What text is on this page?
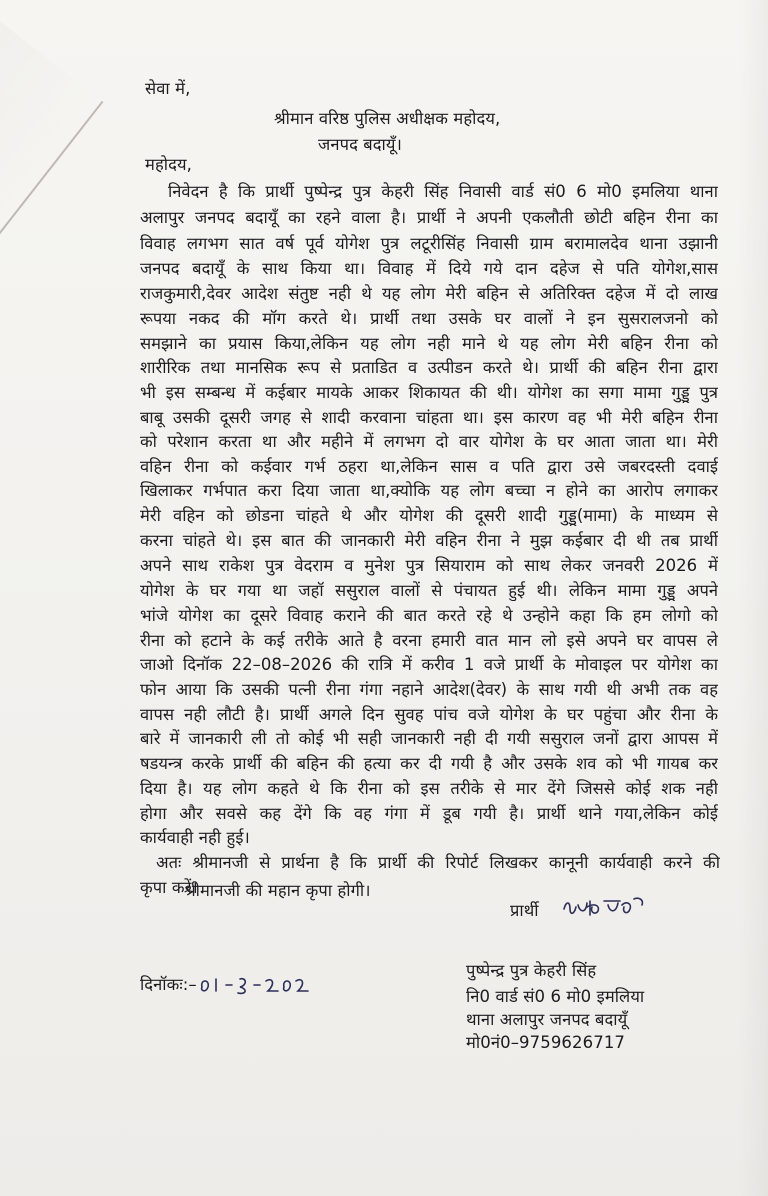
सेवा में,
श्रीमान वरिष्ठ पुलिस अधीक्षक महोदय,
जनपद बदायूँ।
महोदय,
निवेदन है कि प्रार्थी पुष्पेन्द्र पुत्र केहरी सिंह निवासी वार्ड सं0 6 मो0 इमलिया थाना
अलापुर जनपद बदायूँ का रहने वाला है। प्रार्थी ने अपनी एकलौती छोटी बहिन रीना का
विवाह लगभग सात वर्ष पूर्व योगेश पुत्र लटूरीसिंह निवासी ग्राम बरामालदेव थाना उझानी
जनपद बदायूँ के साथ किया था। विवाह में दिये गये दान दहेज से पति योगेश,सास
राजकुमारी,देवर आदेश संतुष्ट नही थे यह लोग मेरी बहिन से अतिरिक्त दहेज में दो लाख
रूपया नकद की मॉग करते थे। प्रार्थी तथा उसके घर वालों ने इन सुसरालजनो को
समझाने का प्रयास किया,लेकिन यह लोग नही माने थे यह लोग मेरी बहिन रीना को
शारीरिक तथा मानसिक रूप से प्रताडित व उत्पीडन करते थे। प्रार्थी की बहिन रीना द्वारा
भी इस सम्बन्ध में कईबार मायके आकर शिकायत की थी। योगेश का सगा मामा गुड्डू पुत्र
बाबू उसकी दूसरी जगह से शादी करवाना चांहता था। इस कारण वह भी मेरी बहिन रीना
को परेशान करता था और महीने में लगभग दो वार योगेश के घर आता जाता था। मेरी
वहिन रीना को कईवार गर्भ ठहरा था,लेकिन सास व पति द्वारा उसे जबरदस्ती दवाई
खिलाकर गर्भपात करा दिया जाता था,क्योकि यह लोग बच्चा न होने का आरोप लगाकर
मेरी वहिन को छोडना चांहते थे और योगेश की दूसरी शादी गुड्डू(मामा) के माध्यम से
करना चांहते थे। इस बात की जानकारी मेरी वहिन रीना ने मुझ कईबार दी थी तब प्रार्थी
अपने साथ राकेश पुत्र वेदराम व मुनेश पुत्र सियाराम को साथ लेकर जनवरी 2026 में
योगेश के घर गया था जहॉ ससुराल वालों से पंचायत हुई थी। लेकिन मामा गुड्डू अपने
भांजे योगेश का दूसरे विवाह कराने की बात करते रहे थे उन्होने कहा कि हम लोगो को
रीना को हटाने के कई तरीके आते है वरना हमारी वात मान लो इसे अपने घर वापस ले
जाओ दिनॉक 22–08–2026 की रात्रि में करीव 1 वजे प्रार्थी के मोवाइल पर योगेश का
फोन आया कि उसकी पत्नी रीना गंगा नहाने आदेश(देवर) के साथ गयी थी अभी तक वह
वापस नही लौटी है। प्रार्थी अगले दिन सुवह पांच वजे योगेश के घर पहुंचा और रीना के
बारे में जानकारी ली तो कोई भी सही जानकारी नही दी गयी ससुराल जनों द्वारा आपस में
षडयन्त्र करके प्रार्थी की बहिन की हत्या कर दी गयी है और उसके शव को भी गायब कर
दिया है। यह लोग कहते थे कि रीना को इस तरीके से मार देंगे जिससे कोई शक नही
होगा और सवसे कह देंगे कि वह गंगा में डूब गयी है। प्रार्थी थाने गया,लेकिन कोई
कार्यवाही नही हुई।
अतः श्रीमानजी से प्रार्थना है कि प्रार्थी की रिपोर्ट लिखकर कानूनी कार्यवाही करने की
कृपा करें।
श्रीमानजी की महान कृपा होगी।
प्रार्थी
दिनॉकः:–
पुष्पेन्द्र पुत्र केहरी सिंह
नि0 वार्ड सं0 6 मो0 इमलिया
थाना अलापुर जनपद बदायूँ
मो0नं0–9759626717
